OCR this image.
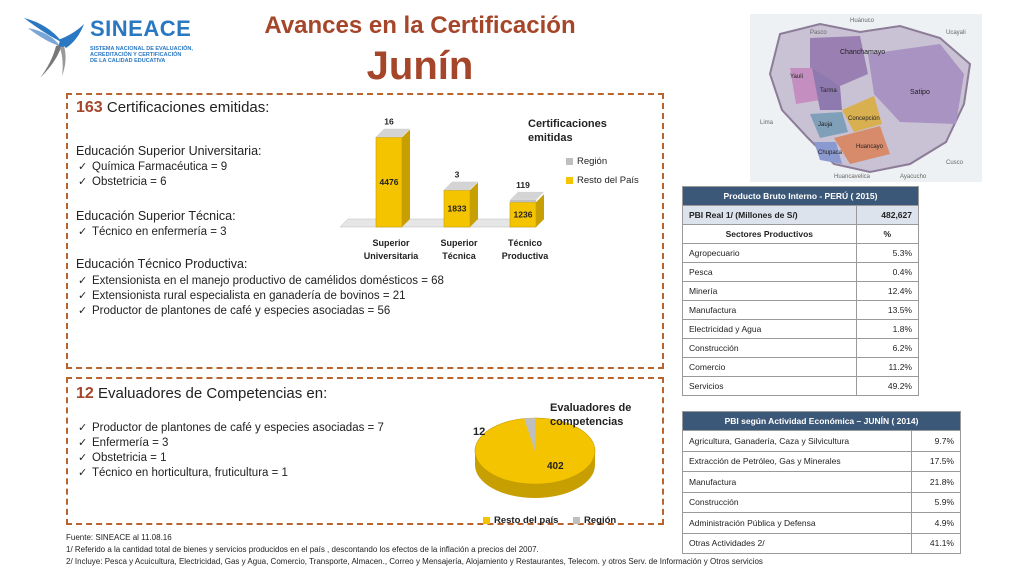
SINEACE
SISTEMA NACIONAL DE EVALUACIÓN,
ACREDITACIÓN Y CERTIFICACIÓN
DE LA CALIDAD EDUCATIVA
Avances en la Certificación
Junín	Chanchamayo
Satipo
Yauli
Tarma
Jauja
Concepción
Huancayo
Chupaca
Pasco	Ucayali
Cusco
Ayacucho
Huancavelica
Lima
Huánuco
163 Certificaciones emitidas:
Educación Superior Universitaria:
✓ Química Farmacéutica = 9
✓ Obstetricia = 6
Educación Superior Técnica:
✓ Técnico en enfermería = 3
Educación Técnico Productiva:
✓ Extensionista en el manejo productivo de camélidos domésticos = 68
✓ Extensionista rural especialista en ganadería de bovinos = 21
✓ Productor de plantones de café y especies asociadas = 56
4476
16
Superior
Universitaria
1833
3
Superior
Técnica
1236
119
Técnico
Productiva
Certificaciones emitidas
Región
Resto del País
12 Evaluadores de Competencias en:
✓ Productor de plantones de café y especies asociadas = 7
✓ Enfermería = 3
✓ Obstetricia = 1
✓ Técnico en horticultura, fruticultura = 1
402
12
Evaluadores de competencias
Resto del país	Región
Producto Bruto Interno - PERÚ ( 2015)	
PBI Real 1/ (Millones de S/)	482,627
Sectores Productivos	%
Agropecuario	5.3%
Pesca	0.4%
Minería	12.4%
Manufactura	13.5%
Electricidad y Agua	1.8%
Construcción	6.2%
Comercio	11.2%
Servicios	49.2%
PBI según Actividad Económica – JUNÍN ( 2014)	
Agricultura, Ganadería, Caza y Silvicultura	9.7%
Extracción de Petróleo, Gas y Minerales	17.5%
Manufactura	21.8%
Construcción	5.9%
Administración Pública y Defensa	4.9%
Otras Actividades 2/	41.1%
Fuente: SINEACE al 11.08.16
1/ Referido a la cantidad total de bienes y servicios producidos en el país , descontando los efectos de la inflación a precios del 2007.
2/ Incluye: Pesca y Acuicultura, Electricidad, Gas y Agua, Comercio, Transporte, Almacen., Correo y Mensajería, Alojamiento y Restaurantes, Telecom. y otros Serv. de Información y Otros servicios
